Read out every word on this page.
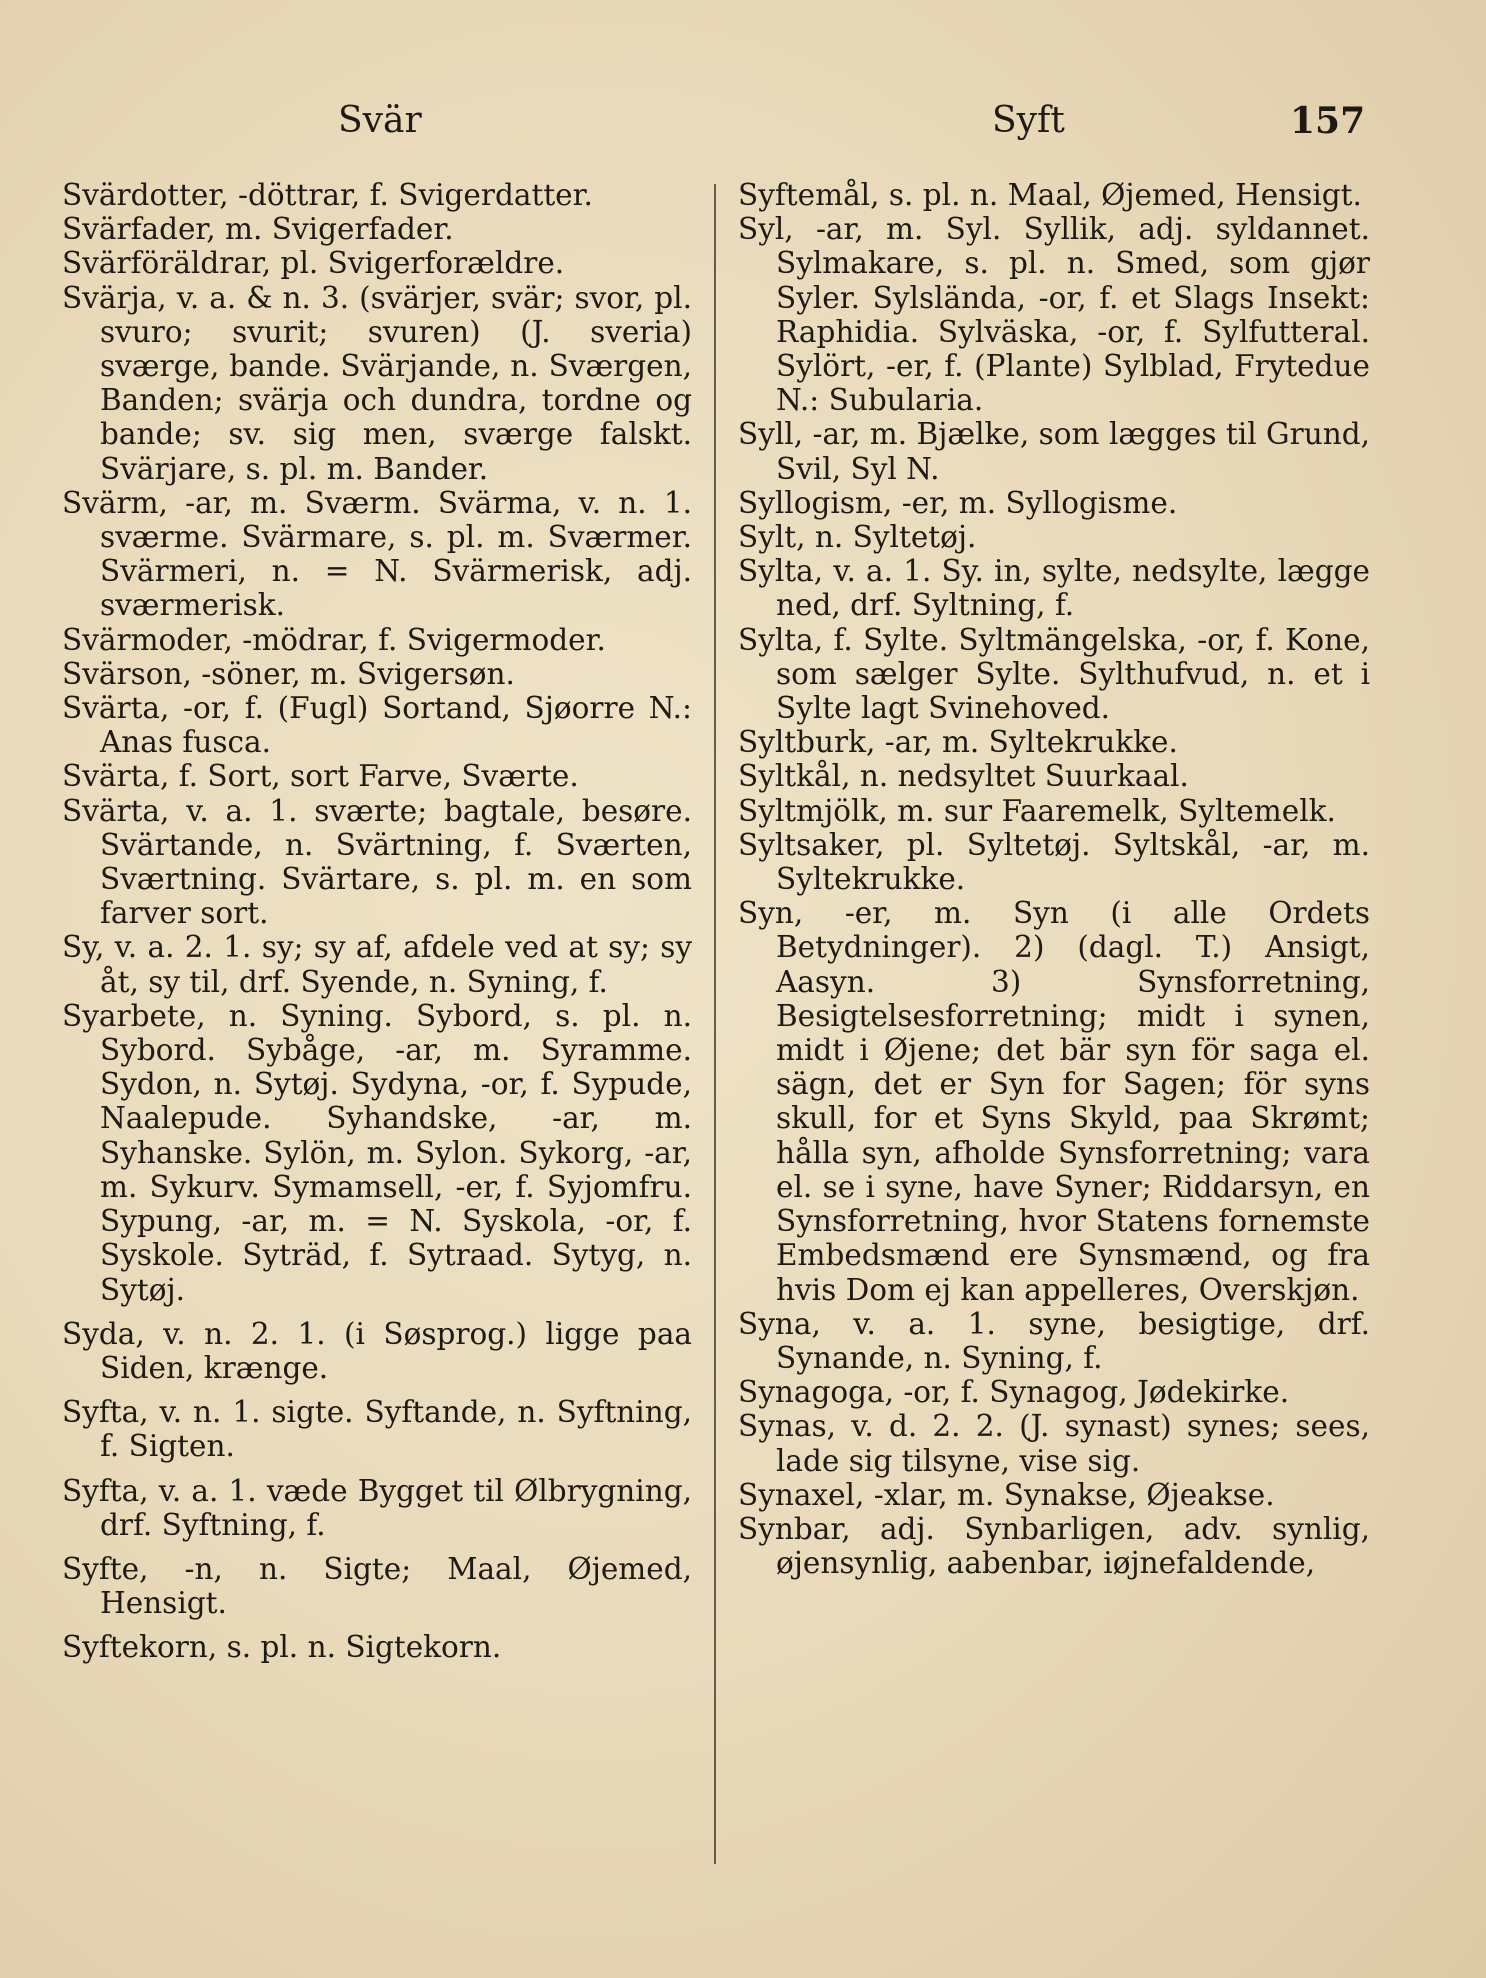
Svär	Syft	157

Svärdotter, -döttrar, f. Svigerdatter.

Svärfader, m. Svigerfader.

Svärföräldrar, pl. Svigerforældre.

Svärja, v. a. & n. 3. (svärjer, svär; svor, pl. svuro; svurit; svuren) (J. sveria) sværge, bande. Svärjande, n. Sværgen, Banden; svärja och dundra, tordne og bande; sv. sig men, sværge falskt. Svärjare, s. pl. m. Bander.

Svärm, -ar, m. Sværm. Svärma, v. n. 1. sværme. Svärmare, s. pl. m. Sværmer. Svärmeri, n. = N. Svärmerisk, adj. sværmerisk.

Svärmoder, -mödrar, f. Svigermoder.

Svärson, -söner, m. Svigersøn.

Svärta, -or, f. (Fugl) Sortand, Sjøorre N.: Anas fusca.

Svärta, f. Sort, sort Farve, Sværte.

Svärta, v. a. 1. sværte; bagtale, besøre. Svärtande, n. Svärtning, f. Sværten, Sværtning. Svärtare, s. pl. m. en som farver sort.

Sy, v. a. 2. 1. sy; sy af, afdele ved at sy; sy åt, sy til, drf. Syende, n. Syning, f.

Syarbete, n. Syning. Sybord, s. pl. n. Sybord. Sybåge, -ar, m. Syramme. Sydon, n. Sytøj. Sydyna, -or, f. Sypude, Naalepude. Syhandske, -ar, m. Syhanske. Sylön, m. Sylon. Sykorg, -ar, m. Sykurv. Symamsell, -er, f. Syjomfru. Sypung, -ar, m. = N. Syskola, -or, f. Syskole. Syträd, f. Sytraad. Sytyg, n. Sytøj.

Syda, v. n. 2. 1. (i Søsprog.) ligge paa Siden, krænge.

Syfta, v. n. 1. sigte. Syftande, n. Syftning, f. Sigten.

Syfta, v. a. 1. væde Bygget til Ølbrygning, drf. Syftning, f.

Syfte, -n, n. Sigte; Maal, Øjemed, Hensigt.

Syftekorn, s. pl. n. Sigtekorn.

Syftemål, s. pl. n. Maal, Øjemed, Hensigt.

Syl, -ar, m. Syl. Syllik, adj. syldannet. Sylmakare, s. pl. n. Smed, som gjør Syler. Sylslända, -or, f. et Slags Insekt: Raphidia. Sylväska, -or, f. Sylfutteral. Sylört, -er, f. (Plante) Sylblad, Frytedue N.: Subularia.

Syll, -ar, m. Bjælke, som lægges til Grund, Svil, Syl N.

Syllogism, -er, m. Syllogisme.

Sylt, n. Syltetøj.

Sylta, v. a. 1. Sy. in, sylte, nedsylte, lægge ned, drf. Syltning, f.

Sylta, f. Sylte. Syltmängelska, -or, f. Kone, som sælger Sylte. Sylthufvud, n. et i Sylte lagt Svinehoved.

Syltburk, -ar, m. Syltekrukke.

Syltkål, n. nedsyltet Suurkaal.

Syltmjölk, m. sur Faaremelk, Syltemelk.

Syltsaker, pl. Syltetøj. Syltskål, -ar, m. Syltekrukke.

Syn, -er, m. Syn (i alle Ordets Betydninger). 2) (dagl. T.) Ansigt, Aasyn. 3) Synsforretning, Besigtelsesforretning; midt i synen, midt i Øjene; det bär syn för saga el. sägn, det er Syn for Sagen; för syns skull, for et Syns Skyld, paa Skrømt; hålla syn, afholde Synsforretning; vara el. se i syne, have Syner; Riddarsyn, en Synsforretning, hvor Statens fornemste Embedsmænd ere Synsmænd, og fra hvis Dom ej kan appelleres, Overskjøn.

Syna, v. a. 1. syne, besigtige, drf. Synande, n. Syning, f.

Synagoga, -or, f. Synagog, Jødekirke.

Synas, v. d. 2. 2. (J. synast) synes; sees, lade sig tilsyne, vise sig.

Synaxel, -xlar, m. Synakse, Øjeakse.

Synbar, adj. Synbarligen, adv. synlig, øjensynlig, aabenbar, iøjnefaldende,
